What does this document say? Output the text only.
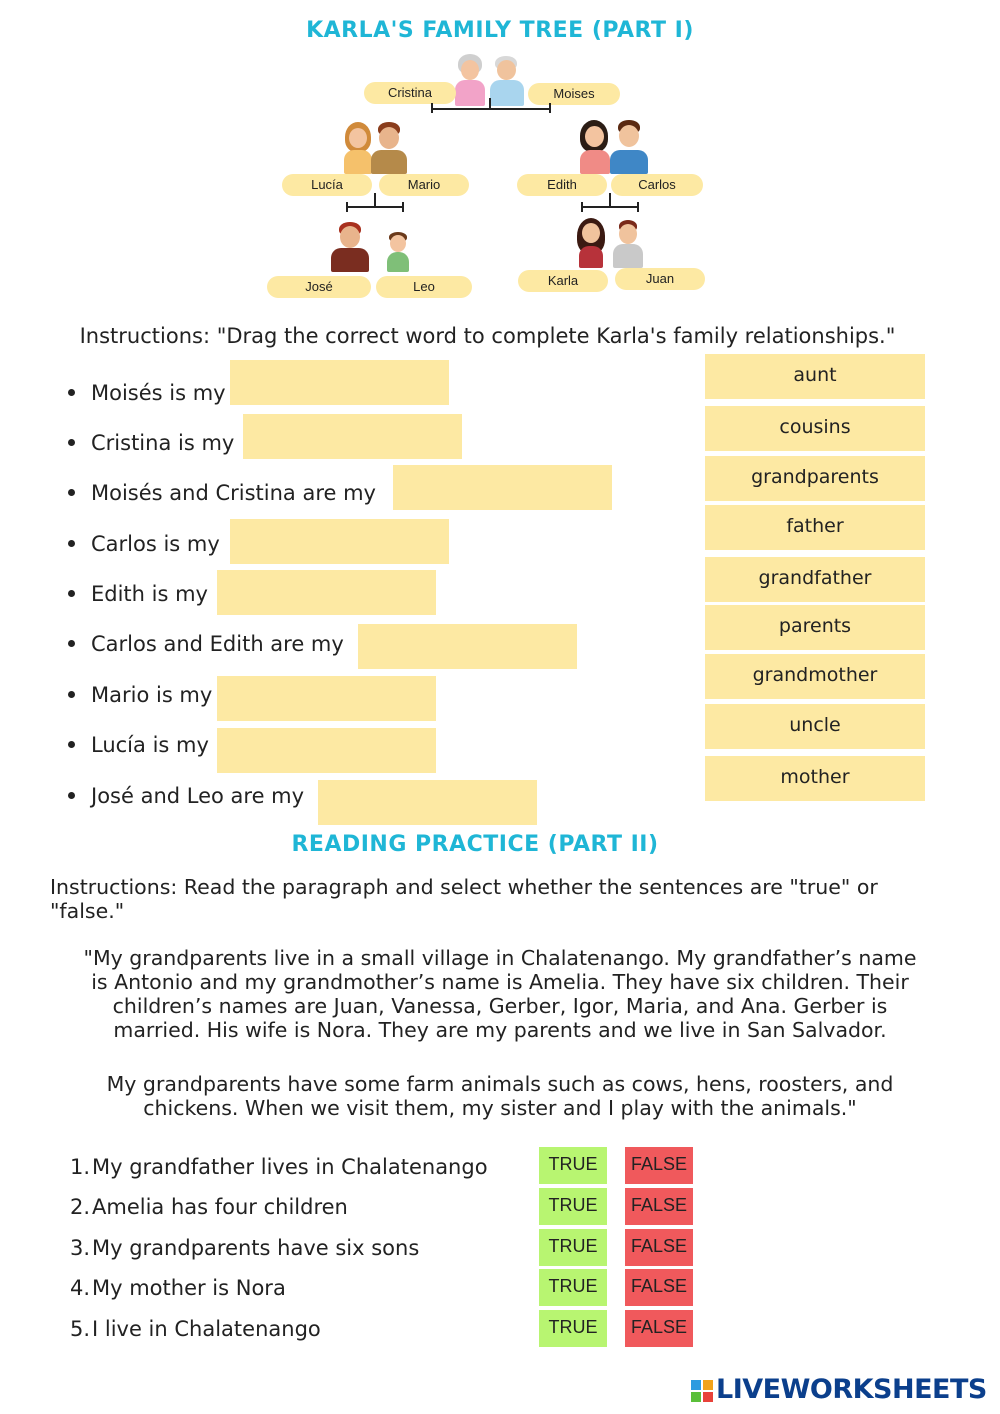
KARLA'S FAMILY TREE (PART I)
Cristina	Moises
Lucía	Mario	Edith	Carlos
José	Leo	Karla	Juan
Instructions: "Drag the correct word to complete Karla's family relationships."
Moisés is my
Cristina is my
Moisés and Cristina are my
Carlos is my
Edith is my
Carlos and Edith are my
Mario is my
Lucía is my
José and Leo are my
aunt
cousins
grandparents
father
grandfather
parents
grandmother
uncle
mother
READING PRACTICE (PART II)
Instructions: Read the paragraph and select whether the sentences are "true" or
"false."
"My grandparents live in a small village in Chalatenango. My grandfather’s name
is Antonio and my grandmother’s name is Amelia. They have six children. Their
children’s names are Juan, Vanessa, Gerber, Igor, Maria, and Ana. Gerber is
married. His wife is Nora. They are my parents and we live in San Salvador.
My grandparents have some farm animals such as cows, hens, roosters, and
chickens. When we visit them, my sister and I play with the animals."
1.My grandfather lives in Chalatenango	TRUE	FALSE
2.Amelia has four children	TRUE	FALSE
3.My grandparents have six sons	TRUE	FALSE
4.My mother is Nora	TRUE	FALSE
5.I live in Chalatenango	TRUE	FALSE
LIVEWORKSHEETS
